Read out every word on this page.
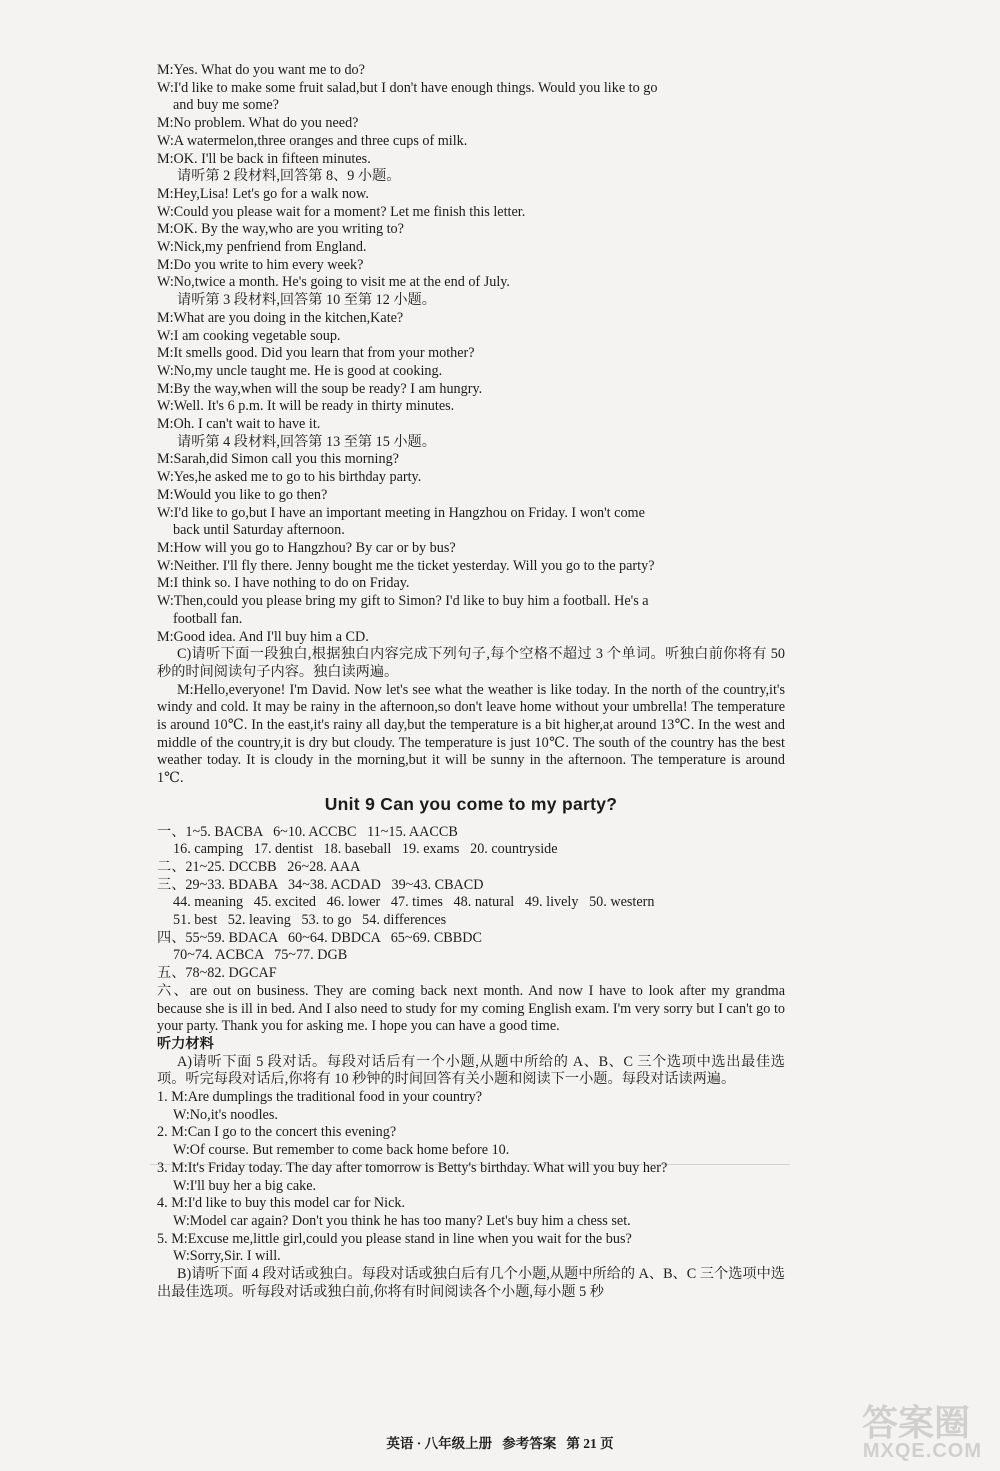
M:Yes. What do you want me to do?
W:I'd like to make some fruit salad,but I don't have enough things. Would you like to go
and buy me some?
M:No problem. What do you need?
W:A watermelon,three oranges and three cups of milk.
M:OK. I'll be back in fifteen minutes.
请听第 2 段材料,回答第 8、9 小题。
M:Hey,Lisa! Let's go for a walk now.
W:Could you please wait for a moment? Let me finish this letter.
M:OK. By the way,who are you writing to?
W:Nick,my penfriend from England.
M:Do you write to him every week?
W:No,twice a month. He's going to visit me at the end of July.
请听第 3 段材料,回答第 10 至第 12 小题。
M:What are you doing in the kitchen,Kate?
W:I am cooking vegetable soup.
M:It smells good. Did you learn that from your mother?
W:No,my uncle taught me. He is good at cooking.
M:By the way,when will the soup be ready? I am hungry.
W:Well. It's 6 p.m. It will be ready in thirty minutes.
M:Oh. I can't wait to have it.
请听第 4 段材料,回答第 13 至第 15 小题。
M:Sarah,did Simon call you this morning?
W:Yes,he asked me to go to his birthday party.
M:Would you like to go then?
W:I'd like to go,but I have an important meeting in Hangzhou on Friday. I won't come
back until Saturday afternoon.
M:How will you go to Hangzhou? By car or by bus?
W:Neither. I'll fly there. Jenny bought me the ticket yesterday. Will you go to the party?
M:I think so. I have nothing to do on Friday.
W:Then,could you please bring my gift to Simon? I'd like to buy him a football. He's a
football fan.
M:Good idea. And I'll buy him a CD.
C)请听下面一段独白,根据独白内容完成下列句子,每个空格不超过 3 个单词。听独白前你将有 50 秒的时间阅读句子内容。独白读两遍。
M:Hello,everyone! I'm David. Now let's see what the weather is like today. In the north of the country,it's windy and cold. It may be rainy in the afternoon,so don't leave home without your umbrella! The temperature is around 10℃. In the east,it's rainy all day,but the temperature is a bit higher,at around 13℃. In the west and middle of the country,it is dry but cloudy. The temperature is just 10℃. The south of the country has the best weather today. It is cloudy in the morning,but it will be sunny in the afternoon. The temperature is around 1℃.
Unit 9 Can you come to my party?
一、1~5. BACBA   6~10. ACCBC   11~15. AACCB
16. camping   17. dentist   18. baseball   19. exams   20. countryside
二、21~25. DCCBB   26~28. AAA
三、29~33. BDABA   34~38. ACDAD   39~43. CBACD
44. meaning   45. excited   46. lower   47. times   48. natural   49. lively   50. western
51. best   52. leaving   53. to go   54. differences
四、55~59. BDACA   60~64. DBDCA   65~69. CBBDC
70~74. ACBCA   75~77. DGB
五、78~82. DGCAF
六、are out on business. They are coming back next month. And now I have to look after my grandma because she is ill in bed. And I also need to study for my coming English exam. I'm very sorry but I can't go to your party. Thank you for asking me. I hope you can have a good time.
听力材料
A)请听下面 5 段对话。每段对话后有一个小题,从题中所给的 A、B、C 三个选项中选出最佳选项。听完每段对话后,你将有 10 秒钟的时间回答有关小题和阅读下一小题。每段对话读两遍。
1. M:Are dumplings the traditional food in your country?
W:No,it's noodles.
2. M:Can I go to the concert this evening?
W:Of course. But remember to come back home before 10.
3. M:It's Friday today. The day after tomorrow is Betty's birthday. What will you buy her?
W:I'll buy her a big cake.
4. M:I'd like to buy this model car for Nick.
W:Model car again? Don't you think he has too many? Let's buy him a chess set.
5. M:Excuse me,little girl,could you please stand in line when you wait for the bus?
W:Sorry,Sir. I will.
B)请听下面 4 段对话或独白。每段对话或独白后有几个小题,从题中所给的 A、B、C 三个选项中选出最佳选项。听每段对话或独白前,你将有时间阅读各个小题,每小题 5 秒
英语 · 八年级上册   参考答案   第 21 页
答案圈
MXQE.COM
